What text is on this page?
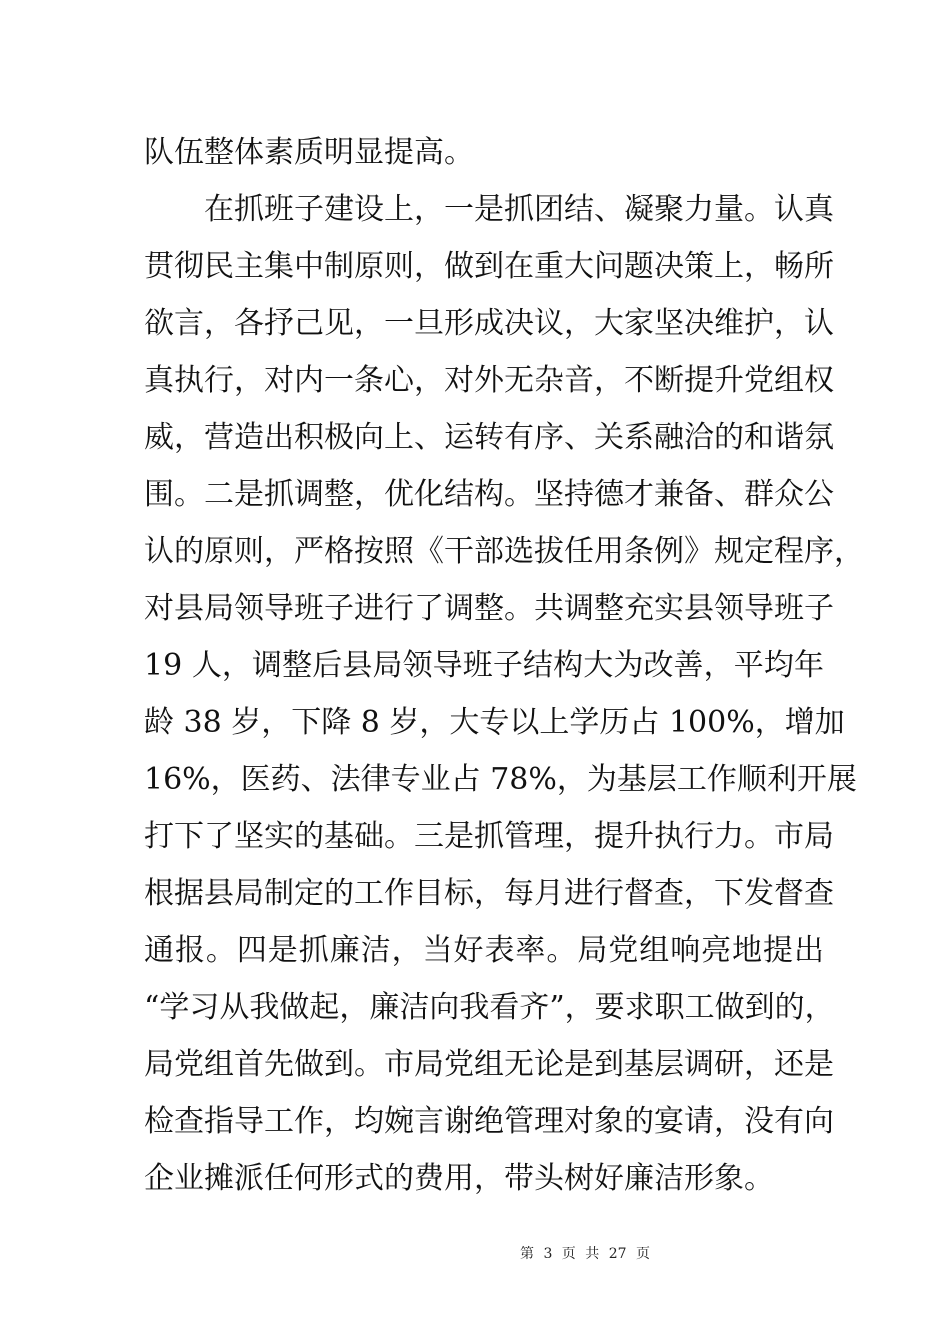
队伍整体素质明显提高。
在抓班子建设上，一是抓团结、凝聚力量。认真
贯彻民主集中制原则，做到在重大问题决策上，畅所
欲言，各抒己见，一旦形成决议，大家坚决维护，认
真执行，对内一条心，对外无杂音，不断提升党组权
威，营造出积极向上、运转有序、关系融洽的和谐氛
围。二是抓调整，优化结构。坚持德才兼备、群众公
认的原则，严格按照《干部选拔任用条例》规定程序，
对县局领导班子进行了调整。共调整充实县领导班子
19 人，调整后县局领导班子结构大为改善，平均年
龄 38 岁，下降 8 岁，大专以上学历占 100%，增加
16%，医药、法律专业占 78%，为基层工作顺利开展
打下了坚实的基础。三是抓管理，提升执行力。市局
根据县局制定的工作目标，每月进行督查，下发督查
通报。四是抓廉洁，当好表率。局党组响亮地提出
“学习从我做起，廉洁向我看齐”，要求职工做到的，
局党组首先做到。市局党组无论是到基层调研，还是
检查指导工作，均婉言谢绝管理对象的宴请，没有向
企业摊派任何形式的费用，带头树好廉洁形象。
第 3 页 共 27 页
